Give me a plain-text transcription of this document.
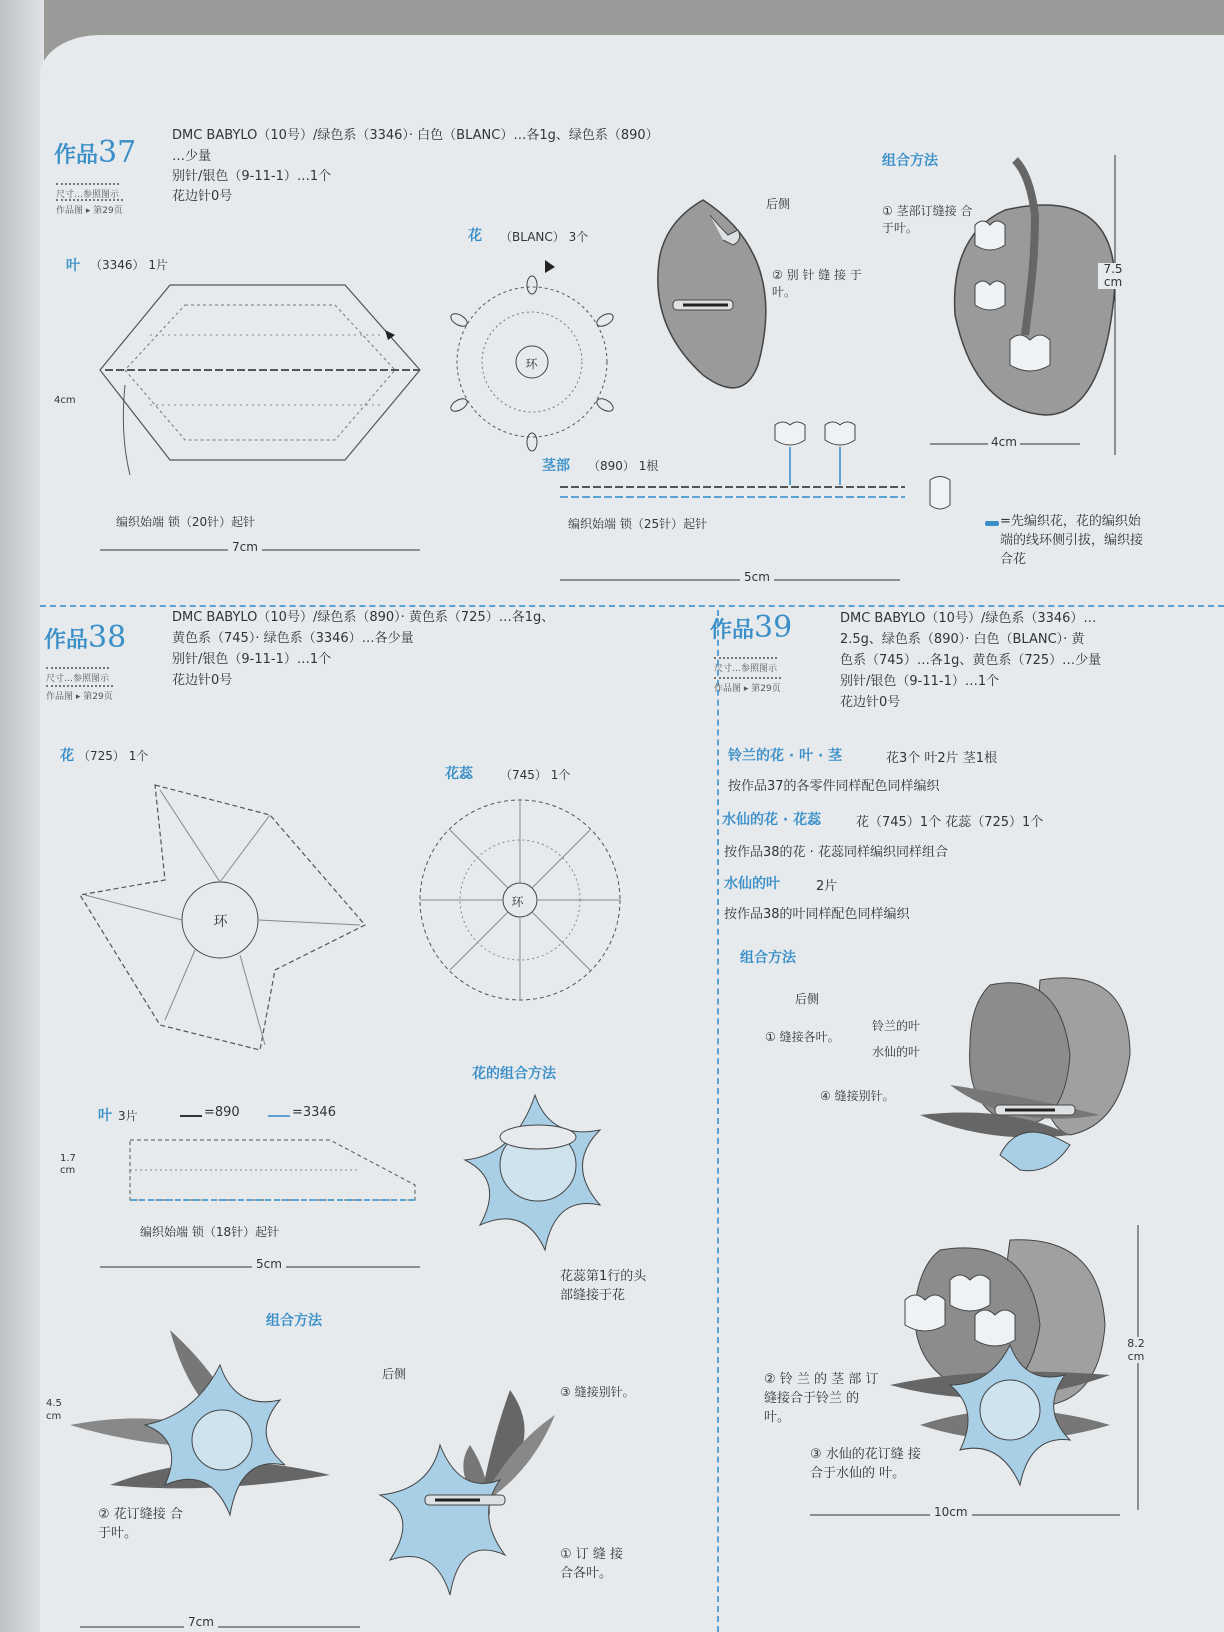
作品37
尺寸…参照图示
作品图 ▸ 第29页
DMC BABYLO（10号）/绿色系（3346）· 白色（BLANC）…各1g、绿色系（890）
…少量
别针/银色（9-11-1）…1个
花边针0号
叶 （3346） 1片
编织始端 锁（20针）起针
7cm
4cm
花 （BLANC） 3个
环
茎部 （890） 1根
编织始端 锁（25针）起针
5cm
=先编织花，花的编织始端的线环侧引拔，编织接合花
后侧
② 别 针 缝 接 于叶。
组合方法
① 茎部订缝接 合于叶。
7.5 cm
4cm
作品38
尺寸…参照图示
作品图 ▸ 第29页
DMC BABYLO（10号）/绿色系（890）· 黄色系（725）…各1g、
黄色系（745）· 绿色系（3346）…各少量
别针/银色（9-11-1）…1个
花边针0号
花 （725） 1个
环
花蕊 （745） 1个
环
叶 3片	=890	=3346
1.7 cm
编织始端 锁（18针）起针
5cm
花的组合方法
花蕊第1行的头部缝接于花
组合方法
② 花订缝接 合于叶。
4.5 cm
7cm
后侧
③ 缝接别针。
① 订 缝 接 合各叶。
作品39
尺寸…参照图示
作品图 ▸ 第29页
DMC BABYLO（10号）/绿色系（3346）…
2.5g、绿色系（890）· 白色（BLANC）· 黄
色系（745）…各1g、黄色系（725）…少量
别针/银色（9-11-1）…1个
花边针0号
铃兰的花 · 叶 · 茎	花3个 叶2片 茎1根
按作品37的各零件同样配色同样编织
水仙的花 · 花蕊	花（745）1个 花蕊（725）1个
按作品38的花 · 花蕊同样编织同样组合
水仙的叶	2片
按作品38的叶同样配色同样编织
组合方法
后侧
① 缝接各叶。
铃兰的叶
水仙的叶
④ 缝接别针。
② 铃 兰 的 茎 部 订 缝接合于铃兰 的叶。
③ 水仙的花订缝 接合于水仙的 叶。
8.2 cm
10cm
